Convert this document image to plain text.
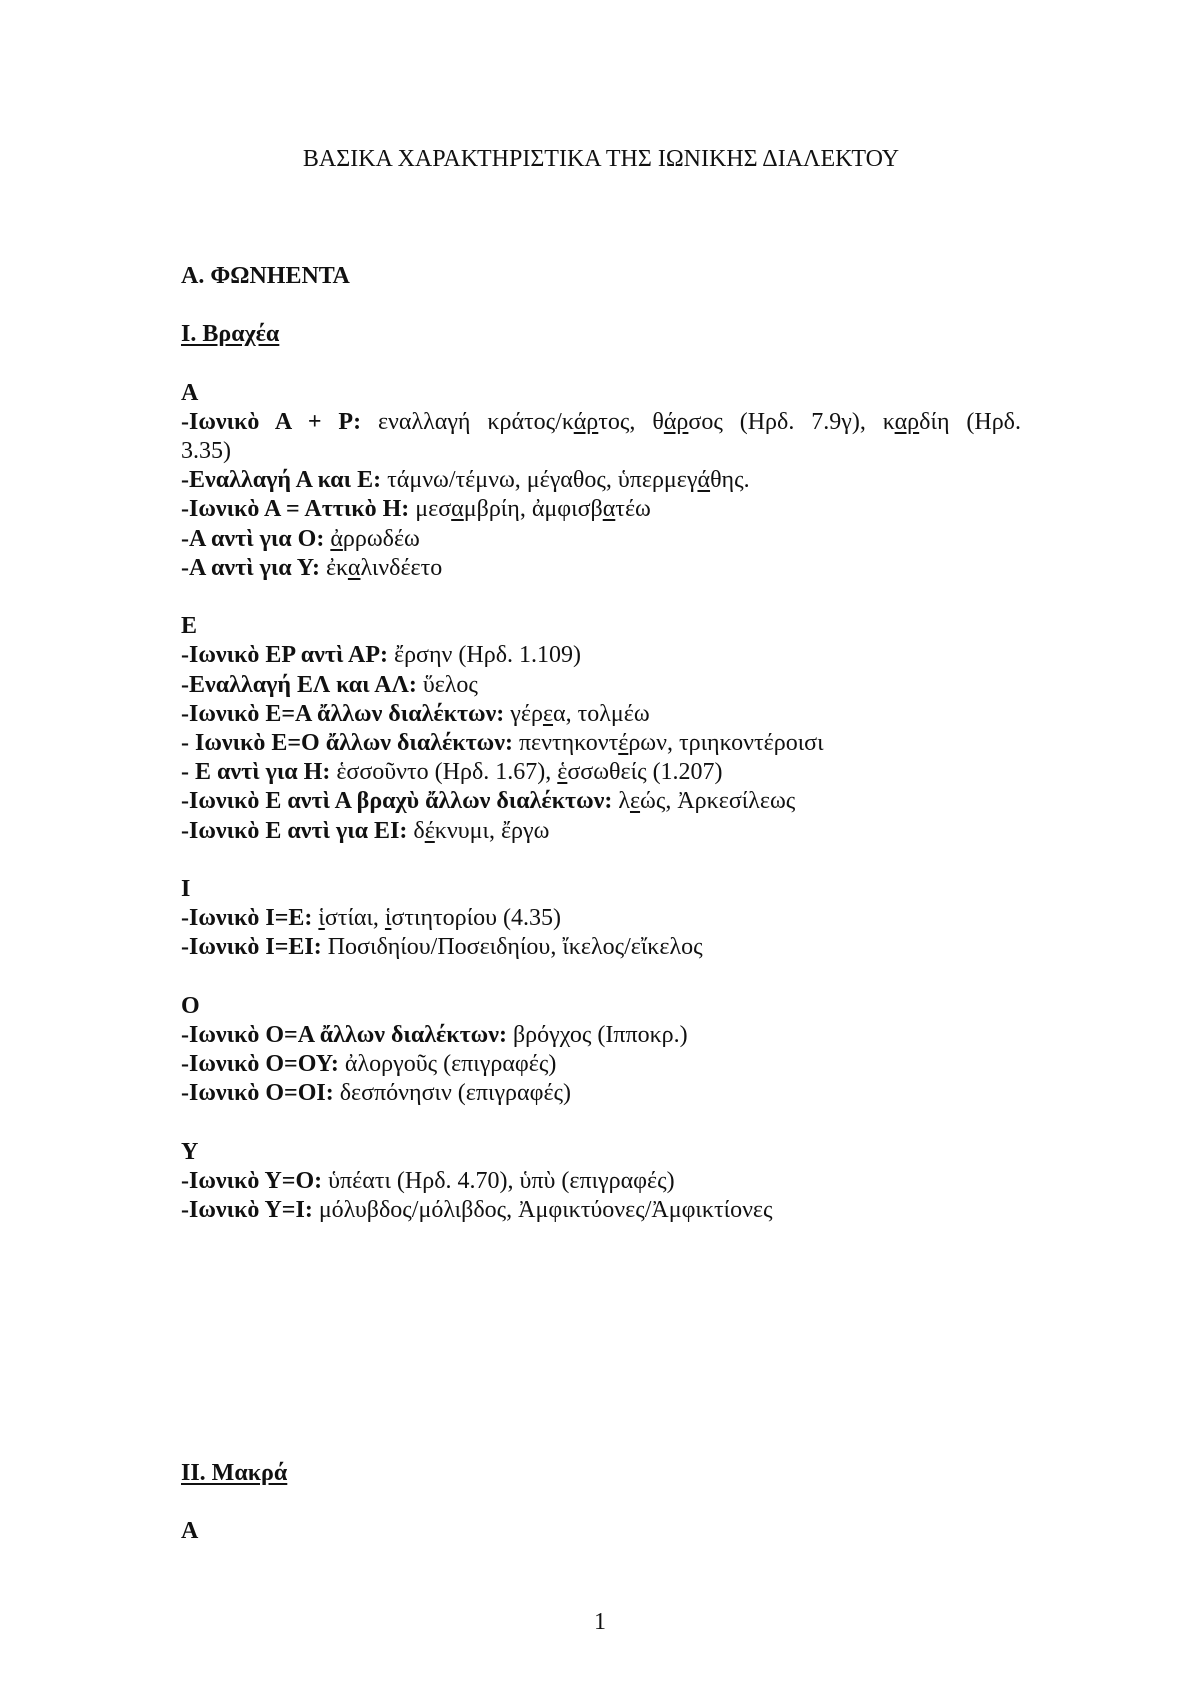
ΒΑΣΙΚΑ ΧΑΡΑΚΤΗΡΙΣΤΙΚΑ ΤΗΣ ΙΩΝΙΚΗΣ ΔΙΑΛΕΚΤΟΥ
Α. ΦΩΝΗΕΝΤΑ
Ι. Βραχέα
Α
-Ιωνικὸ Α + Ρ: εναλλαγή κράτος/κάρτος, θάρσος (Ηρδ. 7.9γ), καρδίη (Ηρδ.
3.35)
-Εναλλαγή Α και Ε: τάμνω/τέμνω, μέγαθος, ὑπερμεγάθης.
-Ιωνικὸ Α = Αττικὸ Η: μεσαμβρίη, ἀμφισβατέω
-Α αντὶ για Ο: ἀρρωδέω
-Α αντὶ για Υ: ἐκαλινδέετο
Ε
-Ιωνικὸ ΕΡ αντὶ ΑΡ: ἔρσην (Ηρδ. 1.109)
-Εναλλαγή ΕΛ και ΑΛ: ὕελος
-Ιωνικὸ Ε=Α ἄλλων διαλέκτων: γέρεα, τολμέω
- Ιωνικὸ Ε=Ο ἄλλων διαλέκτων: πεντηκοντέρων, τριηκοντέροισι
- Ε αντὶ για Η: ἑσσοῦντο (Ηρδ. 1.67), ἑσσωθείς (1.207)
-Ιωνικὸ Ε αντὶ Α βραχὺ ἄλλων διαλέκτων: λεώς, Ἀρκεσίλεως
-Ιωνικὸ Ε αντὶ για ΕΙ: δέκνυμι, ἔργω
Ι
-Ιωνικὸ Ι=Ε: ἱστίαι, ἱστιητορίου (4.35)
-Ιωνικὸ Ι=ΕΙ: Ποσιδηίου/Ποσειδηίου, ἴκελος/εἴκελος
Ο
-Ιωνικὸ Ο=Α ἄλλων διαλέκτων: βρόγχος (Ιπποκρ.)
-Ιωνικὸ Ο=ΟΥ: ἀλοργοῦς (επιγραφές)
-Ιωνικὸ Ο=ΟΙ: δεσπόνησιν (επιγραφές)
Υ
-Ιωνικὸ Υ=Ο: ὑπέατι (Ηρδ. 4.70), ὑπὺ (επιγραφές)
-Ιωνικὸ Υ=Ι: μόλυβδος/μόλιβδος, Ἀμφικτύονες/Ἀμφικτίονες
ΙΙ. Μακρά
Α
1
